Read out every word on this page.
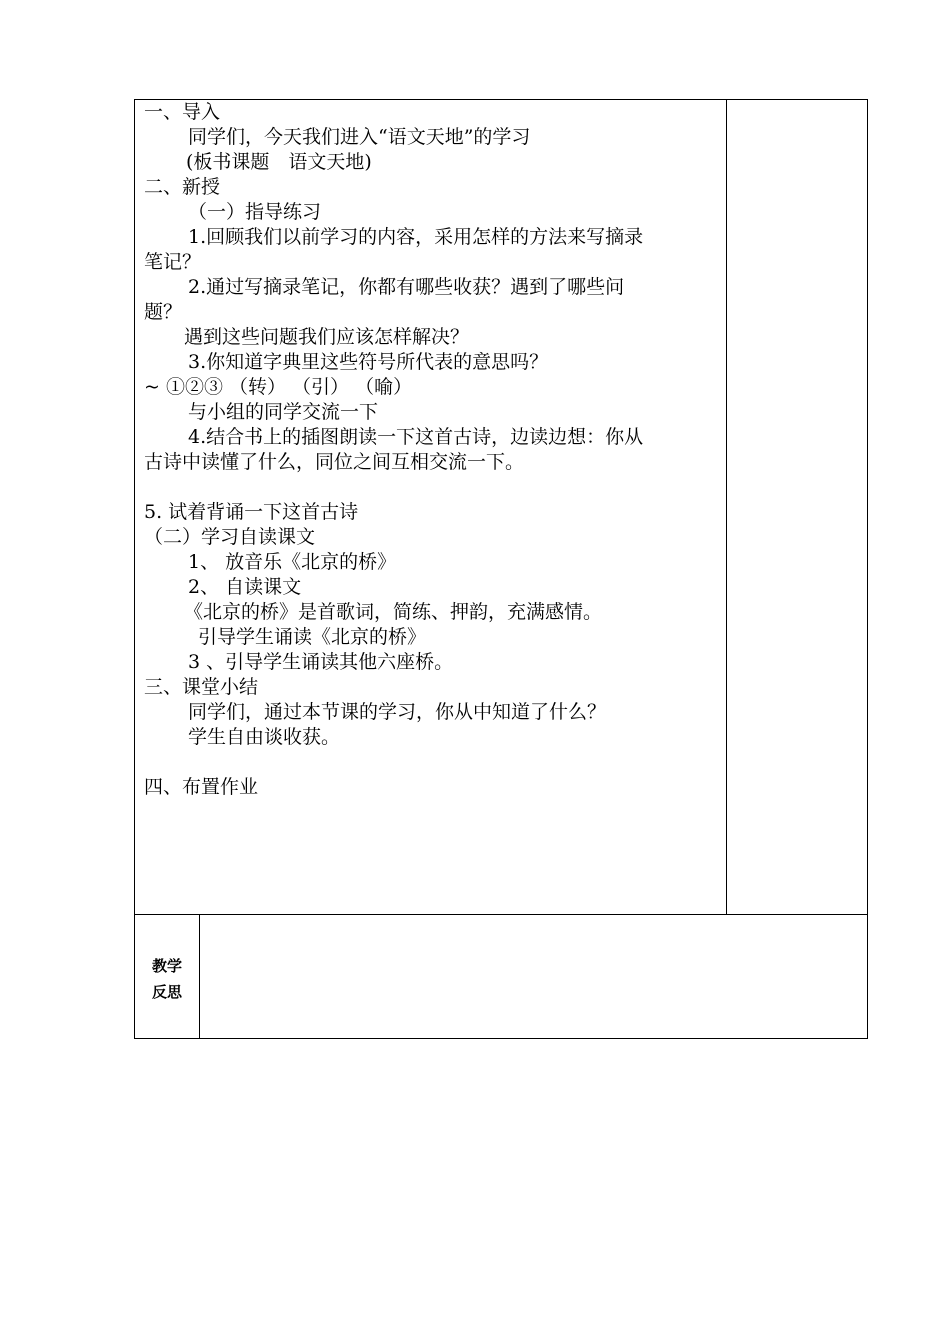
一、导入
同学们，今天我们进入“语文天地”的学习
(板书课题　语文天地)
二、新授
（一）指导练习
1.回顾我们以前学习的内容，采用怎样的方法来写摘录
笔记？
2.通过写摘录笔记，你都有哪些收获？遇到了哪些问
题？
遇到这些问题我们应该怎样解决？
3.你知道字典里这些符号所代表的意思吗？
~ ①②③ （转） （引） （喻）
与小组的同学交流一下
4.结合书上的插图朗读一下这首古诗，边读边想：你从
古诗中读懂了什么，同位之间互相交流一下。
5. 试着背诵一下这首古诗
（二）学习自读课文
1、 放音乐《北京的桥》
2、 自读课文
《北京的桥》是首歌词，简练、押韵，充满感情。
引导学生诵读《北京的桥》
3 、引导学生诵读其他六座桥。
三、课堂小结
同学们，通过本节课的学习，你从中知道了什么？
学生自由谈收获。
四、布置作业
教学
反思
